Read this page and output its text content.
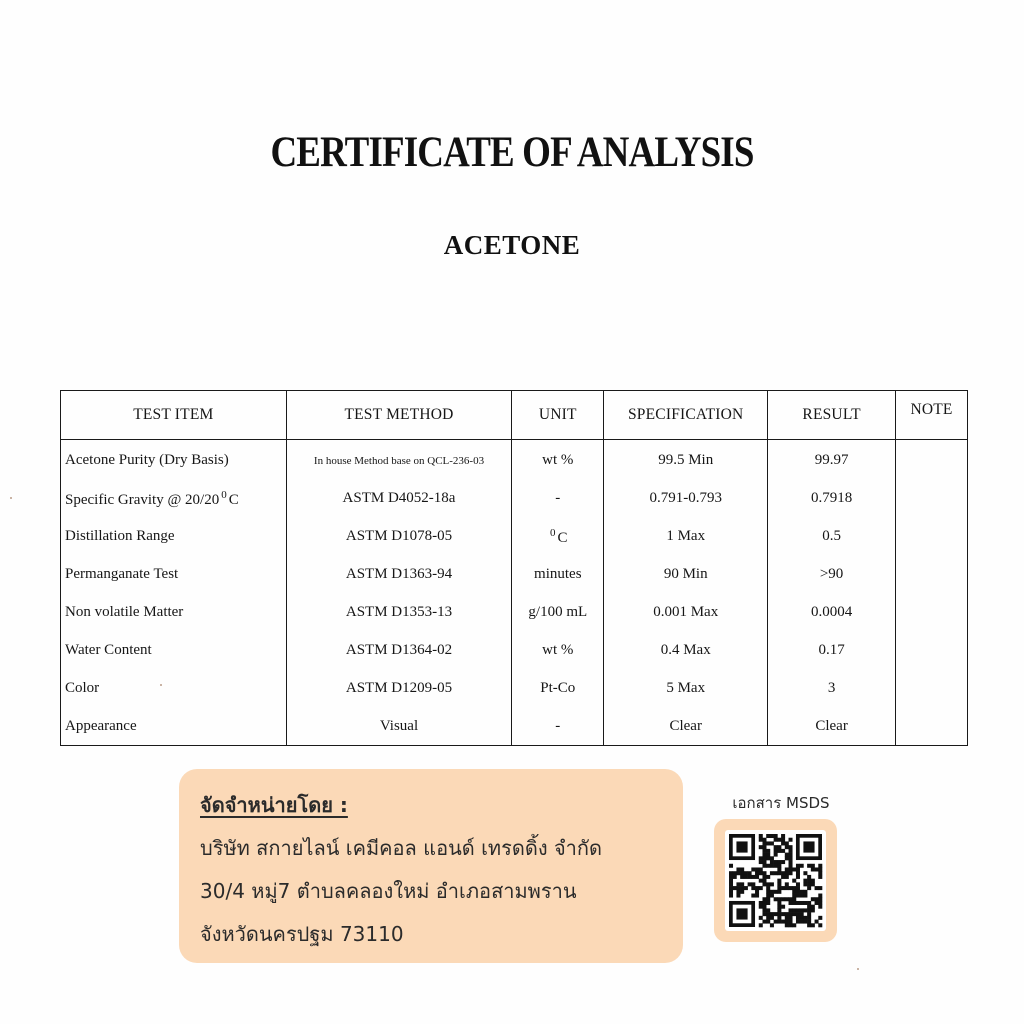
CERTIFICATE OF ANALYSIS
ACETONE
TEST ITEM	TEST METHOD	UNIT	SPECIFICATION	RESULT	NOTE
Acetone Purity (Dry Basis)	In house Method base on QCL-236-03	wt %	99.5 Min	99.97	
Specific Gravity @ 20/20 $^0$ C	ASTM D4052-18a	-	0.791-0.793	0.7918	
Distillation Range	ASTM D1078-05	$^0$ C	1 Max	0.5	
Permanganate Test	ASTM D1363-94	minutes	90 Min	>90	
Non volatile Matter	ASTM D1353-13	g/100 mL	0.001 Max	0.0004	
Water Content	ASTM D1364-02	wt %	0.4 Max	0.17	
Color	ASTM D1209-05	Pt-Co	5 Max	3	
Appearance	Visual	-	Clear	Clear	
จัดจำหน่ายโดย :
บริษัท สกายไลน์ เคมีคอล แอนด์ เทรดดิ้ง จำกัด
30/4 หมู่7 ตำบลคลองใหม่ อำเภอสามพราน
จังหวัดนครปฐม 73110
เอกสาร MSDS
